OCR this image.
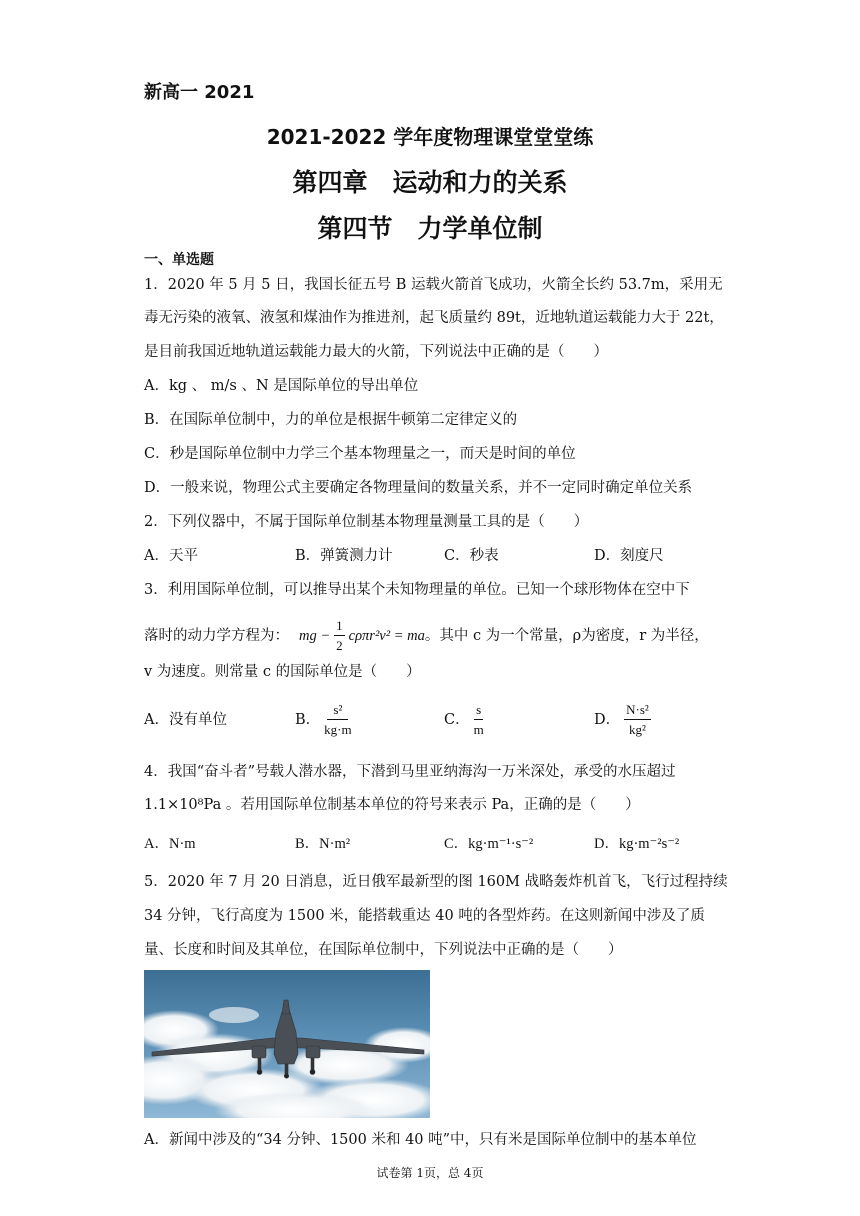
新高一 2021
2021-2022 学年度物理课堂堂堂练
第四章　运动和力的关系
第四节　力学单位制
一、单选题
1．2020 年 5 月 5 日，我国长征五号 B 运载火箭首飞成功，火箭全长约 53.7m，采用无
毒无污染的液氧、液氢和煤油作为推进剂，起飞质量约 89t，近地轨道运载能力大于 22t，
是目前我国近地轨道运载能力最大的火箭，下列说法中正确的是（　　）
A．kg 、 m/s 、N 是国际单位的导出单位
B．在国际单位制中，力的单位是根据牛顿第二定律定义的
C．秒是国际单位制中力学三个基本物理量之一，而天是时间的单位
D．一般来说，物理公式主要确定各物理量间的数量关系，并不一定同时确定单位关系
2．下列仪器中，不属于国际单位制基本物理量测量工具的是（　　）
A．天平	B．弹簧测力计	C．秒表	D．刻度尺
3．利用国际单位制，可以推导出某个未知物理量的单位。已知一个球形物体在空中下
落时的动力学方程为： mg − $\frac{1}{2} c\rho\pi r^2v^2$ = ma 。其中 c 为一个常量，ρ为密度，r 为半径，
v 为速度。则常量 c 的国际单位是（　　）
A．没有单位	B． $\frac{\text{s²}}{kg\cdot m}$	C． $\frac{s}{m}$	D． $\frac{\text{N·s²}}{\text{kg²}}$
4．我国“奋斗者”号载人潜水器，下潜到马里亚纳海沟一万米深处，承受的水压超过
1.1×10⁸Pa 。若用国际单位制基本单位的符号来表示 Pa，正确的是（　　）
A．N·m	B．N·m²	C．kg·m⁻¹·s⁻²	D．kg·m⁻²s⁻²
5．2020 年 7 月 20 日消息，近日俄军最新型的图 160M 战略轰炸机首飞，飞行过程持续
34 分钟，飞行高度为 1500 米，能搭载重达 40 吨的各型炸药。在这则新闻中涉及了质
量、长度和时间及其单位，在国际单位制中，下列说法中正确的是（　　）
A．新闻中涉及的“34 分钟、1500 米和 40 吨”中，只有米是国际单位制中的基本单位
试卷第 1页，总 4页
